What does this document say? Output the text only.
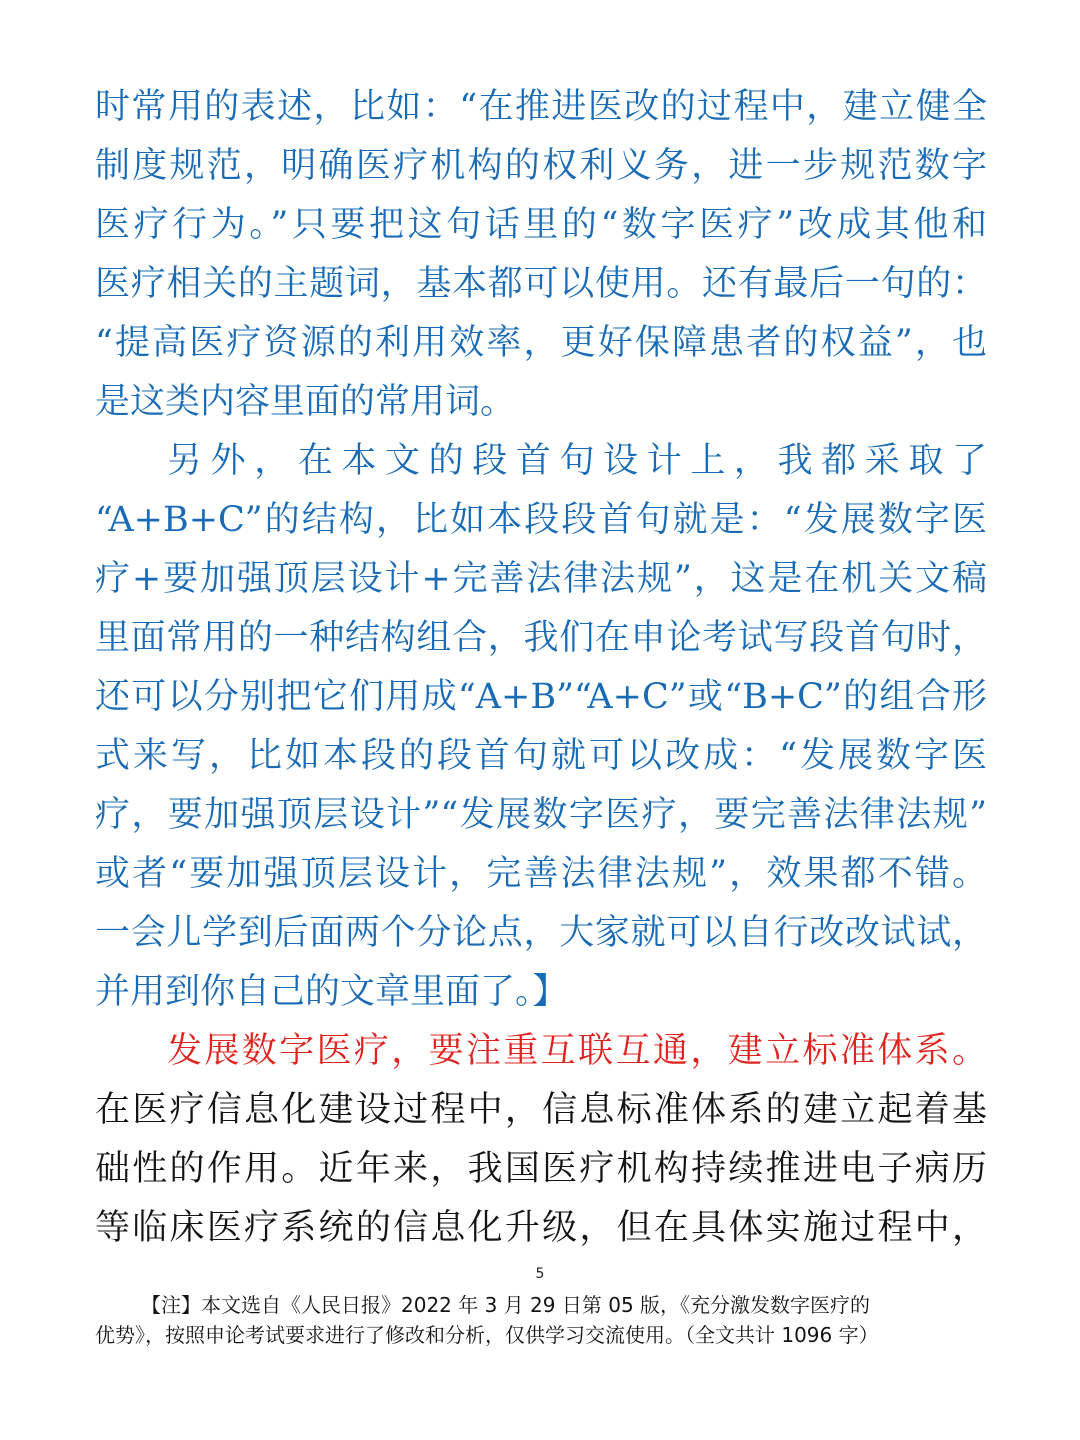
时常用的表述，比如：“在推进医改的过程中，建立健全
制度规范，明确医疗机构的权利义务，进一步规范数字
医疗行为。”只要把这句话里的“数字医疗”改成其他和
医疗相关的主题词，基本都可以使用。还有最后一句的：
“提高医疗资源的利用效率，更好保障患者的权益”，也
是这类内容里面的常用词。
另外，在本文的段首句设计上，我都采取了
“A+B+C”的结构，比如本段段首句就是：“发展数字医
疗+要加强顶层设计+完善法律法规”，这是在机关文稿
里面常用的一种结构组合，我们在申论考试写段首句时，
还可以分别把它们用成“A+B”“A+C”或“B+C”的组合形
式来写，比如本段的段首句就可以改成：“发展数字医
疗，要加强顶层设计”“发展数字医疗，要完善法律法规”
或者“要加强顶层设计，完善法律法规”，效果都不错。
一会儿学到后面两个分论点，大家就可以自行改改试试，
并用到你自己的文章里面了。】
发展数字医疗，要注重互联互通，建立标准体系。
在医疗信息化建设过程中，信息标准体系的建立起着基
础性的作用。近年来，我国医疗机构持续推进电子病历
等临床医疗系统的信息化升级，但在具体实施过程中，
5
【注】本文选自《人民日报》2022 年 3 月 29 日第 05 版，《充分激发数字医疗的
优势》，按照申论考试要求进行了修改和分析，仅供学习交流使用。（全文共计 1096 字）
